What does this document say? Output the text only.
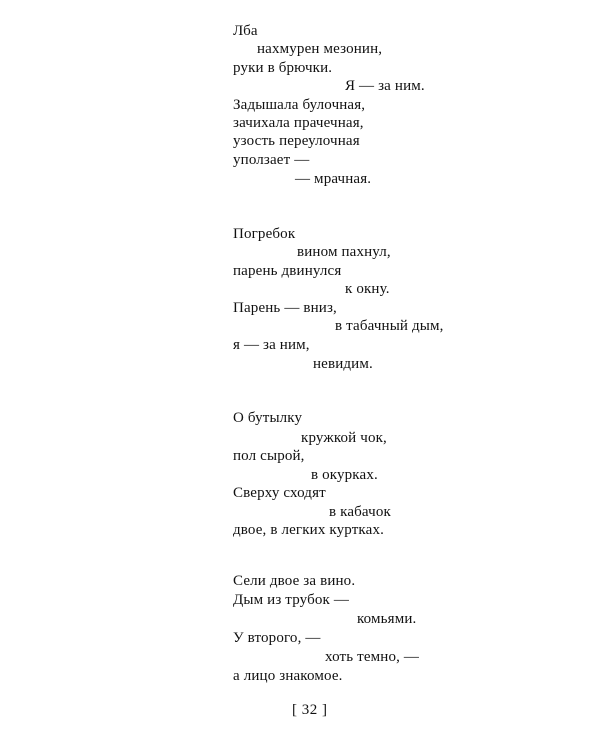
Лба
нахмурен мезонин,
руки в брючки.
Я — за ним.
Задышала булочная,
зачихала прачечная,
узость переулочная
уползает —
— мрачная.
Погребок
вином пахнул,
парень двинулся
к окну.
Парень — вниз,
в табачный дым,
я — за ним,
невидим.
О бутылку
кружкой чок,
пол сырой,
в окурках.
Сверху сходят
в кабачок
двое, в легких куртках.
Сели двое за вино.
Дым из трубок —
комьями.
У второго, —
хоть темно, —
а лицо знакомое.
[ 32 ]
